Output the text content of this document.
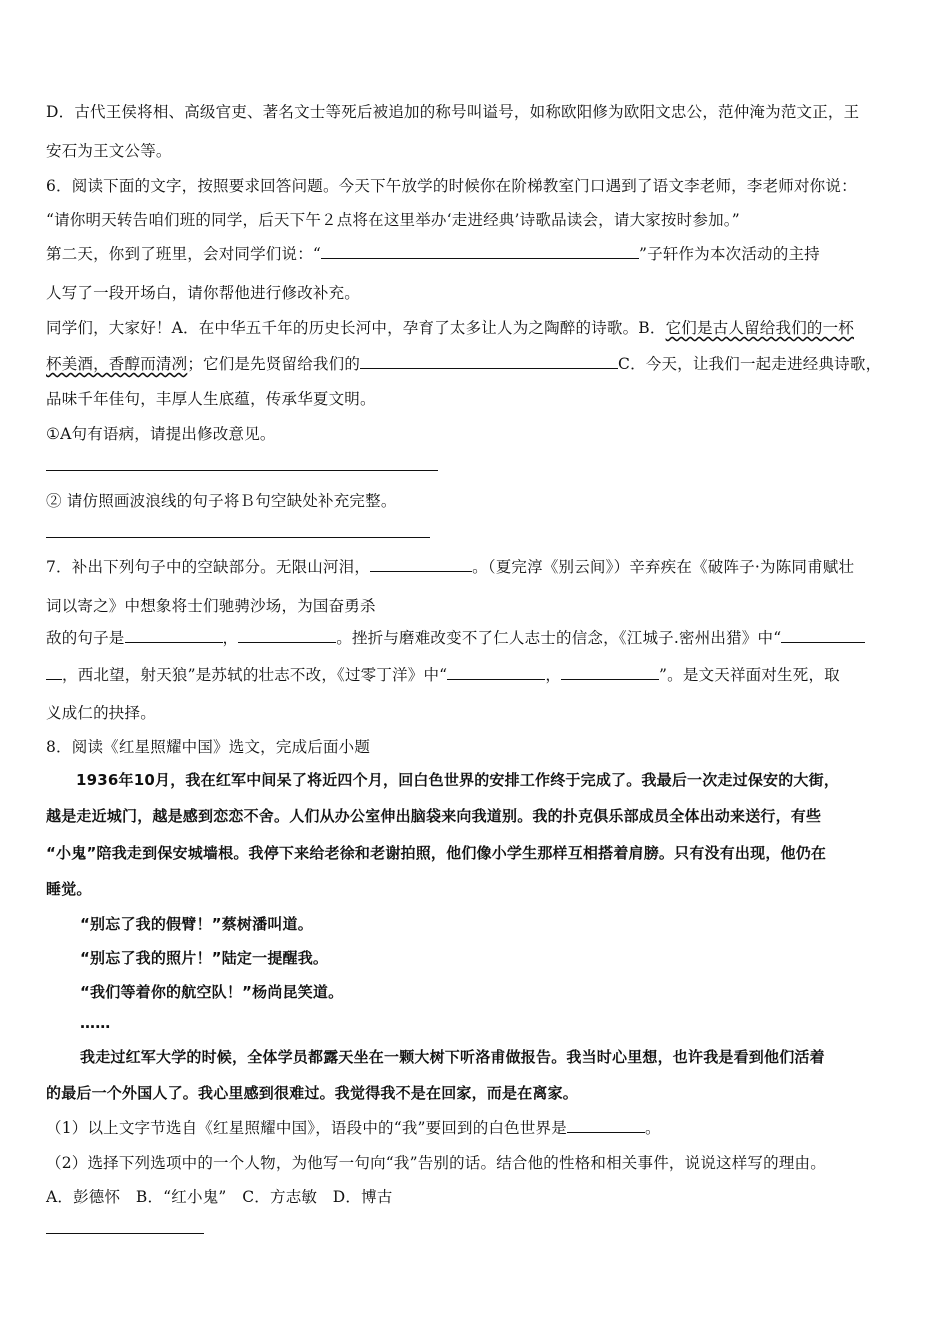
D．古代王侯将相、高级官吏、著名文士等死后被追加的称号叫谥号，如称欧阳修为欧阳文忠公，范仲淹为范文正，王
安石为王文公等。
6．阅读下面的文字，按照要求回答问题。今天下午放学的时候你在阶梯教室门口遇到了语文李老师，李老师对你说：
“请你明天转告咱们班的同学，后天下午２点将在这里举办‘走进经典’诗歌品读会，请大家按时参加。”
第二天，你到了班里，会对同学们说：“	”子轩作为本次活动的主持
人写了一段开场白，请你帮他进行修改补充。
同学们，大家好！A．在中华五千年的历史长河中，孕育了太多让人为之陶醉的诗歌。B．它们是古人留给我们的一杯
杯美酒，香醇而清冽；它们是先贤留给我们的	C．今天，让我们一起走进经典诗歌，
品味千年佳句，丰厚人生底蕴，传承华夏文明。
①A句有语病，请提出修改意见。
② 请仿照画波浪线的句子将Ｂ句空缺处补充完整。
7．补出下列句子中的空缺部分。无限山河泪，	。（夏完淳《别云间》）辛弃疾在《破阵子·为陈同甫赋壮
词以寄之》中想象将士们驰骋沙场，为国奋勇杀
敌的句子是	，	。挫折与磨难改变不了仁人志士的信念，《江城子.密州出猎》中“
，西北望，射天狼”是苏轼的壮志不改，《过零丁洋》中“	，	”。是文天祥面对生死，取
义成仁的抉择。
8．阅读《红星照耀中国》选文，完成后面小题
1936年10月，我在红军中间呆了将近四个月，回白色世界的安排工作终于完成了。我最后一次走过保安的大街，
越是走近城门，越是感到恋恋不舍。人们从办公室伸出脑袋来向我道别。我的扑克俱乐部成员全体出动来送行，有些
“小鬼”陪我走到保安城墙根。我停下来给老徐和老谢拍照，他们像小学生那样互相搭着肩膀。只有没有出现，他仍在
睡觉。
“别忘了我的假臂！”蔡树潘叫道。
“别忘了我的照片！”陆定一提醒我。
“我们等着你的航空队！”杨尚昆笑道。
……
我走过红军大学的时候，全体学员都露天坐在一颗大树下听洛甫做报告。我当时心里想，也许我是看到他们活着
的最后一个外国人了。我心里感到很难过。我觉得我不是在回家，而是在离家。
（1）以上文字节选自《红星照耀中国》，语段中的“我”要回到的白色世界是	。
（2）选择下列选项中的一个人物，为他写一句向“我”告别的话。结合他的性格和相关事件，说说这样写的理由。
A．彭德怀　B．“红小鬼”　C．方志敏　D．博古
